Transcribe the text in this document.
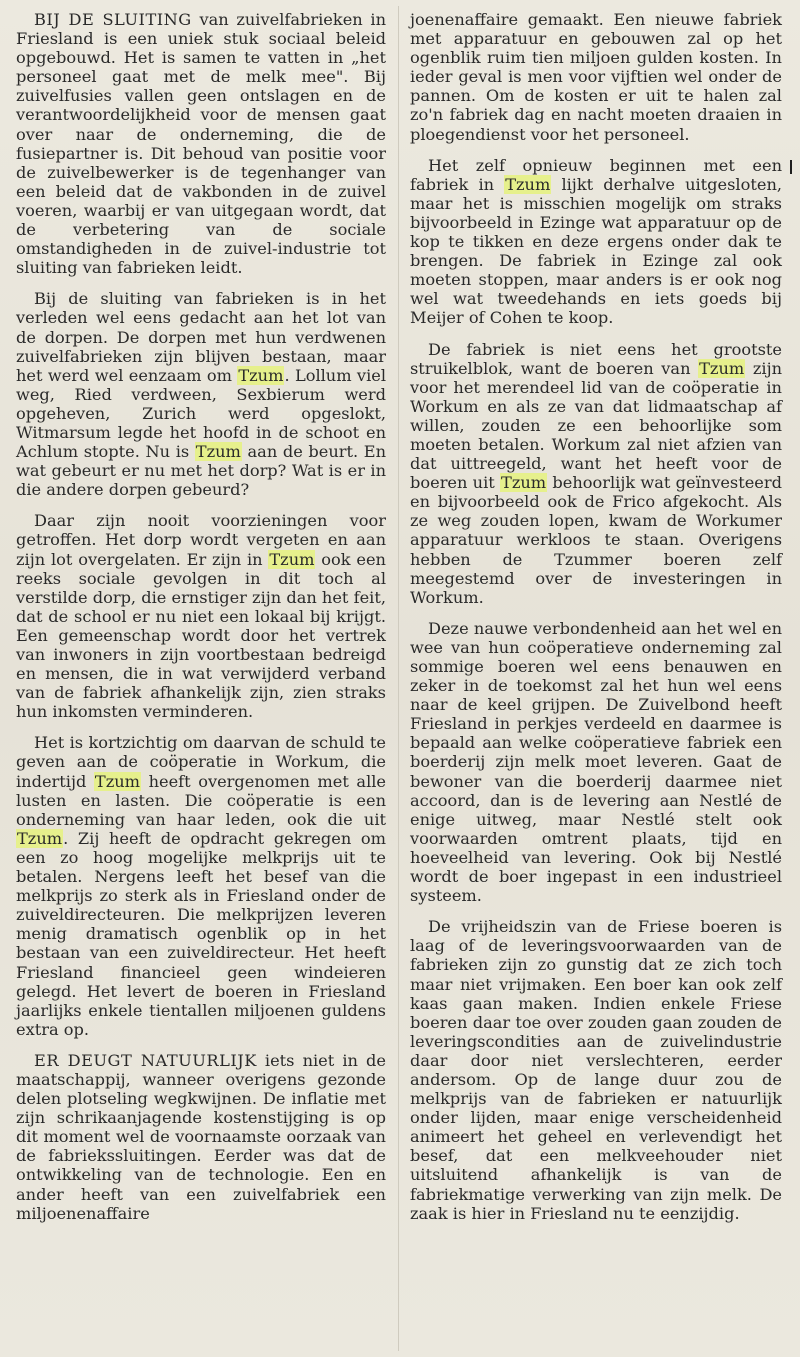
BIJ DE SLUITING van zuivelfabrieken in Friesland is een uniek stuk sociaal beleid opgebouwd. Het is samen te vatten in „het personeel gaat met de melk mee". Bij zuivelfusies vallen geen ontslagen en de verantwoordelijkheid voor de mensen gaat over naar de onderneming, die de fusiepartner is. Dit behoud van positie voor de zuivelbewerker is de tegenhanger van een beleid dat de vakbonden in de zuivel voeren, waarbij er van uitgegaan wordt, dat de verbetering van de sociale omstandigheden in de zuivel-industrie tot sluiting van fabrieken leidt.

Bij de sluiting van fabrieken is in het verleden wel eens gedacht aan het lot van de dorpen. De dorpen met hun verdwenen zuivelfabrieken zijn blijven bestaan, maar het werd wel eenzaam om Tzum. Lollum viel weg, Ried verdween, Sexbierum werd opgeheven, Zurich werd opgeslokt, Witmarsum legde het hoofd in de schoot en Achlum stopte. Nu is Tzum aan de beurt. En wat gebeurt er nu met het dorp? Wat is er in die andere dorpen gebeurd?

Daar zijn nooit voorzieningen voor getroffen. Het dorp wordt vergeten en aan zijn lot overgelaten. Er zijn in Tzum ook een reeks sociale gevolgen in dit toch al verstilde dorp, die ernstiger zijn dan het feit, dat de school er nu niet een lokaal bij krijgt. Een gemeenschap wordt door het vertrek van inwoners in zijn voortbestaan bedreigd en mensen, die in wat verwijderd verband van de fabriek afhankelijk zijn, zien straks hun inkomsten verminderen.

Het is kortzichtig om daarvan de schuld te geven aan de coöperatie in Workum, die indertijd Tzum heeft overgenomen met alle lusten en lasten. Die coöperatie is een onderneming van haar leden, ook die uit Tzum. Zij heeft de opdracht gekregen om een zo hoog mogelijke melkprijs uit te betalen. Nergens leeft het besef van die melkprijs zo sterk als in Friesland onder de zuiveldirecteuren. Die melkprijzen leveren menig dramatisch ogenblik op in het bestaan van een zuiveldirecteur. Het heeft Friesland financieel geen windeieren gelegd. Het levert de boeren in Friesland jaarlijks enkele tientallen miljoenen guldens extra op.

ER DEUGT NATUURLIJK iets niet in de maatschappij, wanneer overigens gezonde delen plotseling wegkwijnen. De inflatie met zijn schrikaanjagende kostenstijging is op dit moment wel de voornaamste oorzaak van de fabriekssluitingen. Eerder was dat de ontwikkeling van de technologie. Een en ander heeft van een zuivelfabriek een miljoenenaffaire

joenenaffaire gemaakt. Een nieuwe fabriek met apparatuur en gebouwen zal op het ogenblik ruim tien miljoen gulden kosten. In ieder geval is men voor vijftien wel onder de pannen. Om de kosten er uit te halen zal zo'n fabriek dag en nacht moeten draaien in ploegendienst voor het personeel.

Het zelf opnieuw beginnen met een fabriek in Tzum lijkt derhalve uitgesloten, maar het is misschien mogelijk om straks bijvoorbeeld in Ezinge wat apparatuur op de kop te tikken en deze ergens onder dak te brengen. De fabriek in Ezinge zal ook moeten stoppen, maar anders is er ook nog wel wat tweedehands en iets goeds bij Meijer of Cohen te koop.

De fabriek is niet eens het grootste struikelblok, want de boeren van Tzum zijn voor het merendeel lid van de coöperatie in Workum en als ze van dat lidmaatschap af willen, zouden ze een behoorlijke som moeten betalen. Workum zal niet afzien van dat uittreegeld, want het heeft voor de boeren uit Tzum behoorlijk wat geïnvesteerd en bijvoorbeeld ook de Frico afgekocht. Als ze weg zouden lopen, kwam de Workumer apparatuur werkloos te staan. Overigens hebben de Tzummer boeren zelf meegestemd over de investeringen in Workum.

Deze nauwe verbondenheid aan het wel en wee van hun coöperatieve onderneming zal sommige boeren wel eens benauwen en zeker in de toekomst zal het hun wel eens naar de keel grijpen. De Zuivelbond heeft Friesland in perkjes verdeeld en daarmee is bepaald aan welke coöperatieve fabriek een boerderij zijn melk moet leveren. Gaat de bewoner van die boerderij daarmee niet accoord, dan is de levering aan Nestlé de enige uitweg, maar Nestlé stelt ook voorwaarden omtrent plaats, tijd en hoeveelheid van levering. Ook bij Nestlé wordt de boer ingepast in een industrieel systeem.

De vrijheidszin van de Friese boeren is laag of de leveringsvoorwaarden van de fabrieken zijn zo gunstig dat ze zich toch maar niet vrijmaken. Een boer kan ook zelf kaas gaan maken. Indien enkele Friese boeren daar toe over zouden gaan zouden de leveringscondities aan de zuivelindustrie daar door niet verslechteren, eerder andersom. Op de lange duur zou de melkprijs van de fabrieken er natuurlijk onder lijden, maar enige verscheidenheid animeert het geheel en verlevendigt het besef, dat een melkveehouder niet uitsluitend afhankelijk is van de fabriekmatige verwerking van zijn melk. De zaak is hier in Friesland nu te eenzijdig.
